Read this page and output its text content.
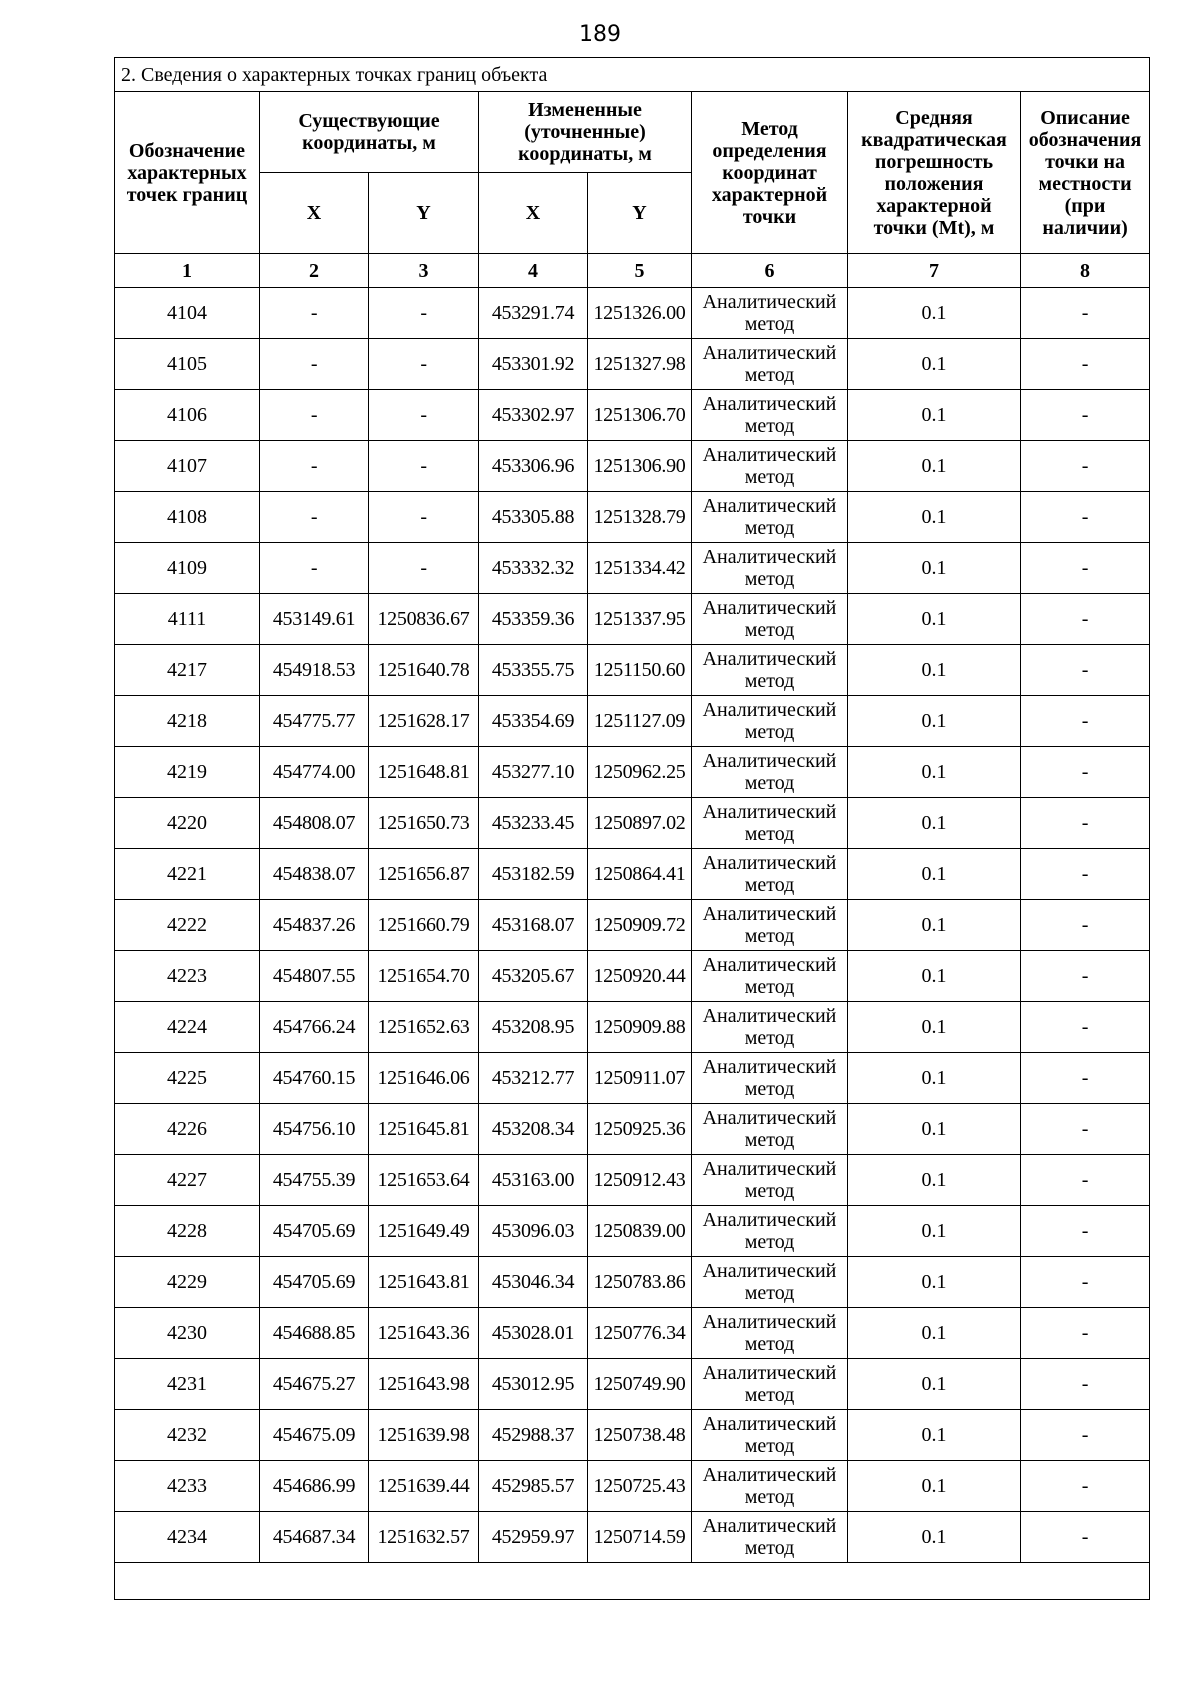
189
2. Сведения о характерных точках границ объекта							

Обозначение характерных точек границ	Существующие координаты, м		Измененные (уточненные) координаты, м		Метод определения координат характерной точки	Средняя квадратическая погрешность положения характерной точки (Mt), м	Описание обозначения точки на местности (при наличии)

	X	Y	X	Y			
1	2	3	4	5	6	7	8
4104	-	-	453291.74	1251326.00	Аналитический метод	0.1	-
4105	-	-	453301.92	1251327.98	Аналитический метод	0.1	-
4106	-	-	453302.97	1251306.70	Аналитический метод	0.1	-
4107	-	-	453306.96	1251306.90	Аналитический метод	0.1	-
4108	-	-	453305.88	1251328.79	Аналитический метод	0.1	-
4109	-	-	453332.32	1251334.42	Аналитический метод	0.1	-
4111	453149.61	1250836.67	453359.36	1251337.95	Аналитический метод	0.1	-
4217	454918.53	1251640.78	453355.75	1251150.60	Аналитический метод	0.1	-
4218	454775.77	1251628.17	453354.69	1251127.09	Аналитический метод	0.1	-
4219	454774.00	1251648.81	453277.10	1250962.25	Аналитический метод	0.1	-
4220	454808.07	1251650.73	453233.45	1250897.02	Аналитический метод	0.1	-
4221	454838.07	1251656.87	453182.59	1250864.41	Аналитический метод	0.1	-
4222	454837.26	1251660.79	453168.07	1250909.72	Аналитический метод	0.1	-
4223	454807.55	1251654.70	453205.67	1250920.44	Аналитический метод	0.1	-
4224	454766.24	1251652.63	453208.95	1250909.88	Аналитический метод	0.1	-
4225	454760.15	1251646.06	453212.77	1250911.07	Аналитический метод	0.1	-
4226	454756.10	1251645.81	453208.34	1250925.36	Аналитический метод	0.1	-
4227	454755.39	1251653.64	453163.00	1250912.43	Аналитический метод	0.1	-
4228	454705.69	1251649.49	453096.03	1250839.00	Аналитический метод	0.1	-
4229	454705.69	1251643.81	453046.34	1250783.86	Аналитический метод	0.1	-
4230	454688.85	1251643.36	453028.01	1250776.34	Аналитический метод	0.1	-
4231	454675.27	1251643.98	453012.95	1250749.90	Аналитический метод	0.1	-
4232	454675.09	1251639.98	452988.37	1250738.48	Аналитический метод	0.1	-
4233	454686.99	1251639.44	452985.57	1250725.43	Аналитический метод	0.1	-
4234	454687.34	1251632.57	452959.97	1250714.59	Аналитический метод	0.1	-
